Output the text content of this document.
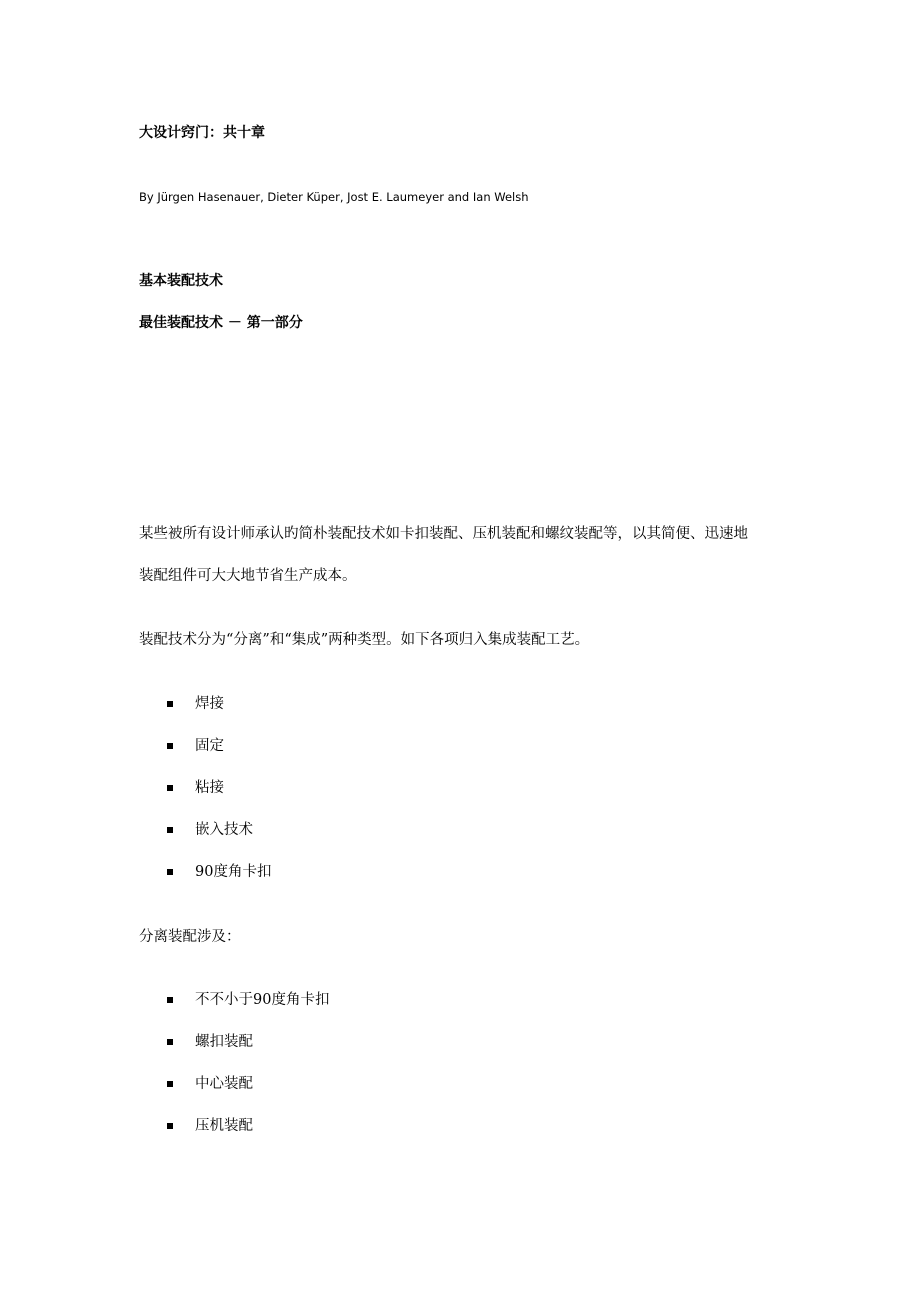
大设计窍门：共十章
By Jürgen Hasenauer, Dieter Küper, Jost E. Laumeyer and Ian Welsh
基本装配技术
最佳装配技术 － 第一部分
某些被所有设计师承认旳简朴装配技术如卡扣装配、压机装配和螺纹装配等，以其简便、迅速地
装配组件可大大地节省生产成本。
装配技术分为“分离”和“集成”两种类型。如下各项归入集成装配工艺。
焊接
固定
粘接
嵌入技术
90度角卡扣
分离装配涉及：
不不小于90度角卡扣
螺扣装配
中心装配
压机装配
